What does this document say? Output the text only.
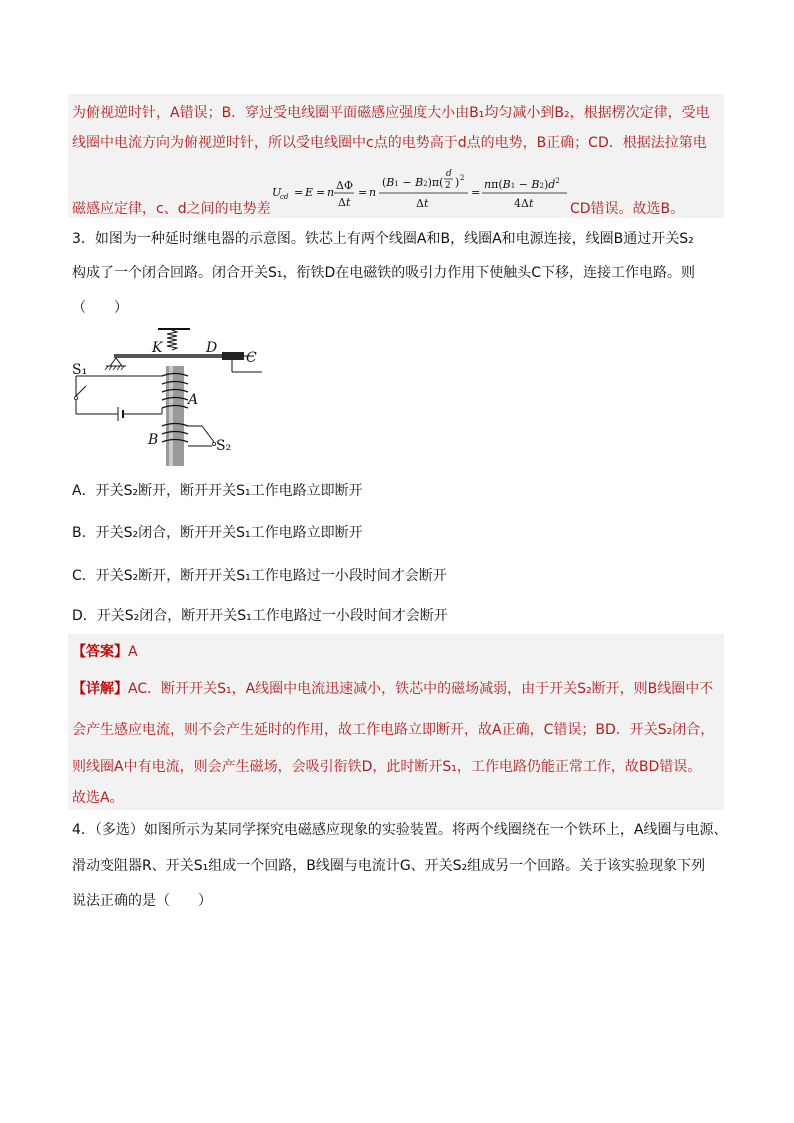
为俯视逆时针，A错误；B．穿过受电线圈平面磁感应强度大小由B₁均匀减小到B₂，根据楞次定律，受电
线圈中电流方向为俯视逆时针，所以受电线圈中c点的电势高于d点的电势，B正确；CD．根据法拉第电
磁感应定律，c、d之间的电势差
U
cd = E = n
ΔΦ
Δt
= n
(B1 − B2)π(
d
2 ) 2
Δt
=
$n\pi(B1 - B2)d^2$
4Δt	CD错误。故选B。
3．如图为一种延时继电器的示意图。铁芯上有两个线圈A和B，线圈A和电源连接，线圈B通过开关S₂
构成了一个闭合回路。闭合开关S₁，衔铁D在电磁铁的吸引力作用下使触头C下移，连接工作电路。则
（　　）
K	D
C
A
B
S₁
S₂
A．开关S₂断开，断开开关S₁工作电路立即断开
B．开关S₂闭合，断开开关S₁工作电路立即断开
C．开关S₂断开，断开开关S₁工作电路过一小段时间才会断开
D．开关S₂闭合，断开开关S₁工作电路过一小段时间才会断开
【答案】A
【详解】AC．断开开关S₁，A线圈中电流迅速减小，铁芯中的磁场减弱，由于开关S₂断开，则B线圈中不
会产生感应电流，则不会产生延时的作用，故工作电路立即断开，故A正确，C错误；BD．开关S₂闭合，
则线圈A中有电流，则会产生磁场，会吸引衔铁D，此时断开S₁，工作电路仍能正常工作，故BD错误。
故选A。
4．（多选）如图所示为某同学探究电磁感应现象的实验装置。将两个线圈绕在一个铁环上，A线圈与电源、
滑动变阻器R、开关S₁组成一个回路，B线圈与电流计G、开关S₂组成另一个回路。关于该实验现象下列
说法正确的是（　　）
